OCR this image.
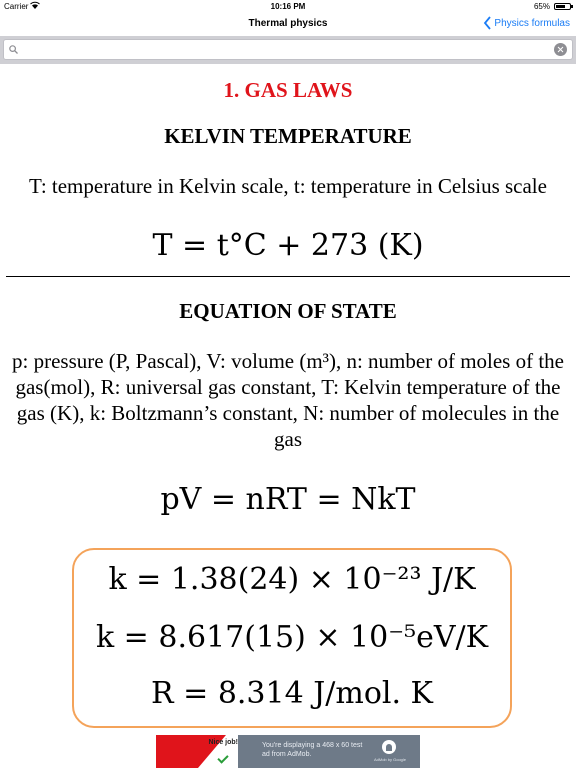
Carrier	10:16 PM	65%
Thermal physics	Physics formulas
1. GAS LAWS
KELVIN TEMPERATURE
T: temperature in Kelvin scale, t: temperature in Celsius scale
T = t°C + 273 (K)
EQUATION OF STATE
p: pressure (P, Pascal), V: volume (m³), n: number of moles of the gas(mol), R: universal gas constant, T: Kelvin temperature of the gas (K), k: Boltzmann’s constant, N: number of molecules in the gas
pV = nRT = NkT
k = 1.38(24) × 10⁻²³ J/K
k = 8.617(15) × 10⁻⁵eV/K
R = 8.314 J/mol. K
Nice job!	You're displaying a 468 x 60 test ad from AdMob.
AdMob by Google
